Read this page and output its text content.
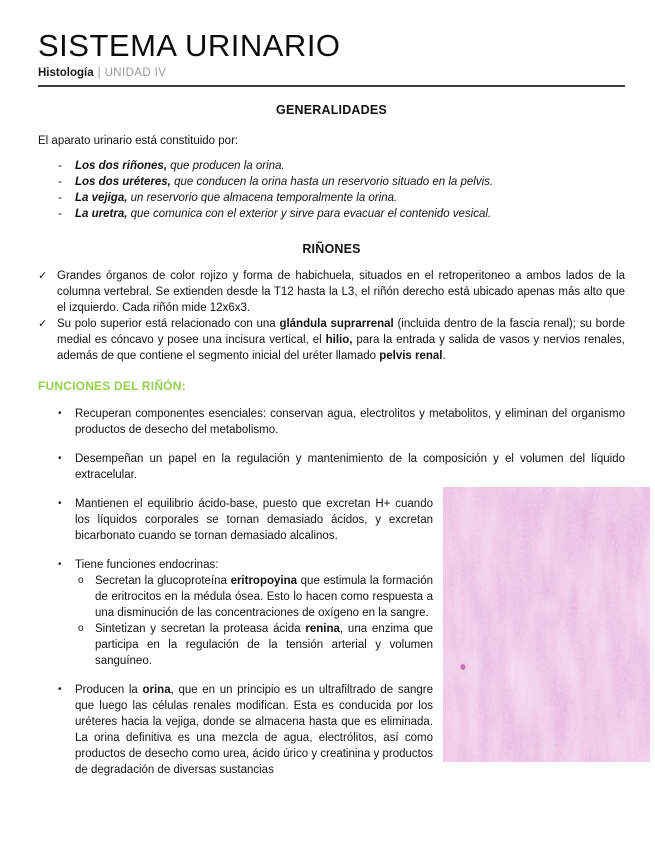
SISTEMA URINARIO
Histología | UNIDAD IV
GENERALIDADES
El aparato urinario está constituido por:
-	Los dos riñones, que producen la orina.
-	Los dos uréteres, que conducen la orina hasta un reservorio situado en la pelvis.
-	La vejiga, un reservorio que almacena temporalmente la orina.
-	La uretra, que comunica con el exterior y sirve para evacuar el contenido vesical.
RIÑONES
✓ Grandes órganos de color rojizo y forma de habichuela, situados en el retroperitoneo a ambos lados de la columna vertebral. Se extienden desde la T12 hasta la L3, el riñón derecho está ubicado apenas más alto que el izquierdo. Cada riñón mide 12x6x3.
✓ Su polo superior está relacionado con una glándula suprarrenal (incluida dentro de la fascia renal); su borde medial es cóncavo y posee una incisura vertical, el hilio, para la entrada y salida de vasos y nervios renales, además de que contiene el segmento inicial del uréter llamado pelvis renal.
FUNCIONES DEL RIÑÓN:
•	Recuperan componentes esenciales: conservan agua, electrolitos y metabolitos, y eliminan del organismo productos de desecho del metabolismo.
•	Desempeñan un papel en la regulación y mantenimiento de la composición y el volumen del líquido extracelular.
•	Mantienen el equilibrio ácido-base, puesto que excretan H+ cuando los líquidos corporales se tornan demasiado ácidos, y excretan bicarbonato cuando se tornan demasiado alcalinos.
•	Tiene funciones endocrinas:
o Secretan la glucoproteína eritropoyina que estimula la formación de eritrocitos en la médula ósea. Esto lo hacen como respuesta a una disminución de las concentraciones de oxígeno en la sangre.
o Sintetizan y secretan la proteasa ácida renina, una enzima que participa en la regulación de la tensión arterial y volumen sanguíneo.
•	Producen la orina, que en un principio es un ultrafiltrado de sangre que luego las células renales modifican. Esta es conducida por los uréteres hacia la vejiga, donde se almacena hasta que es eliminada. La orina definitiva es una mezcla de agua, electrólitos, así como productos de desecho como urea, ácido úrico y creatinina y productos de degradación de diversas sustancias
